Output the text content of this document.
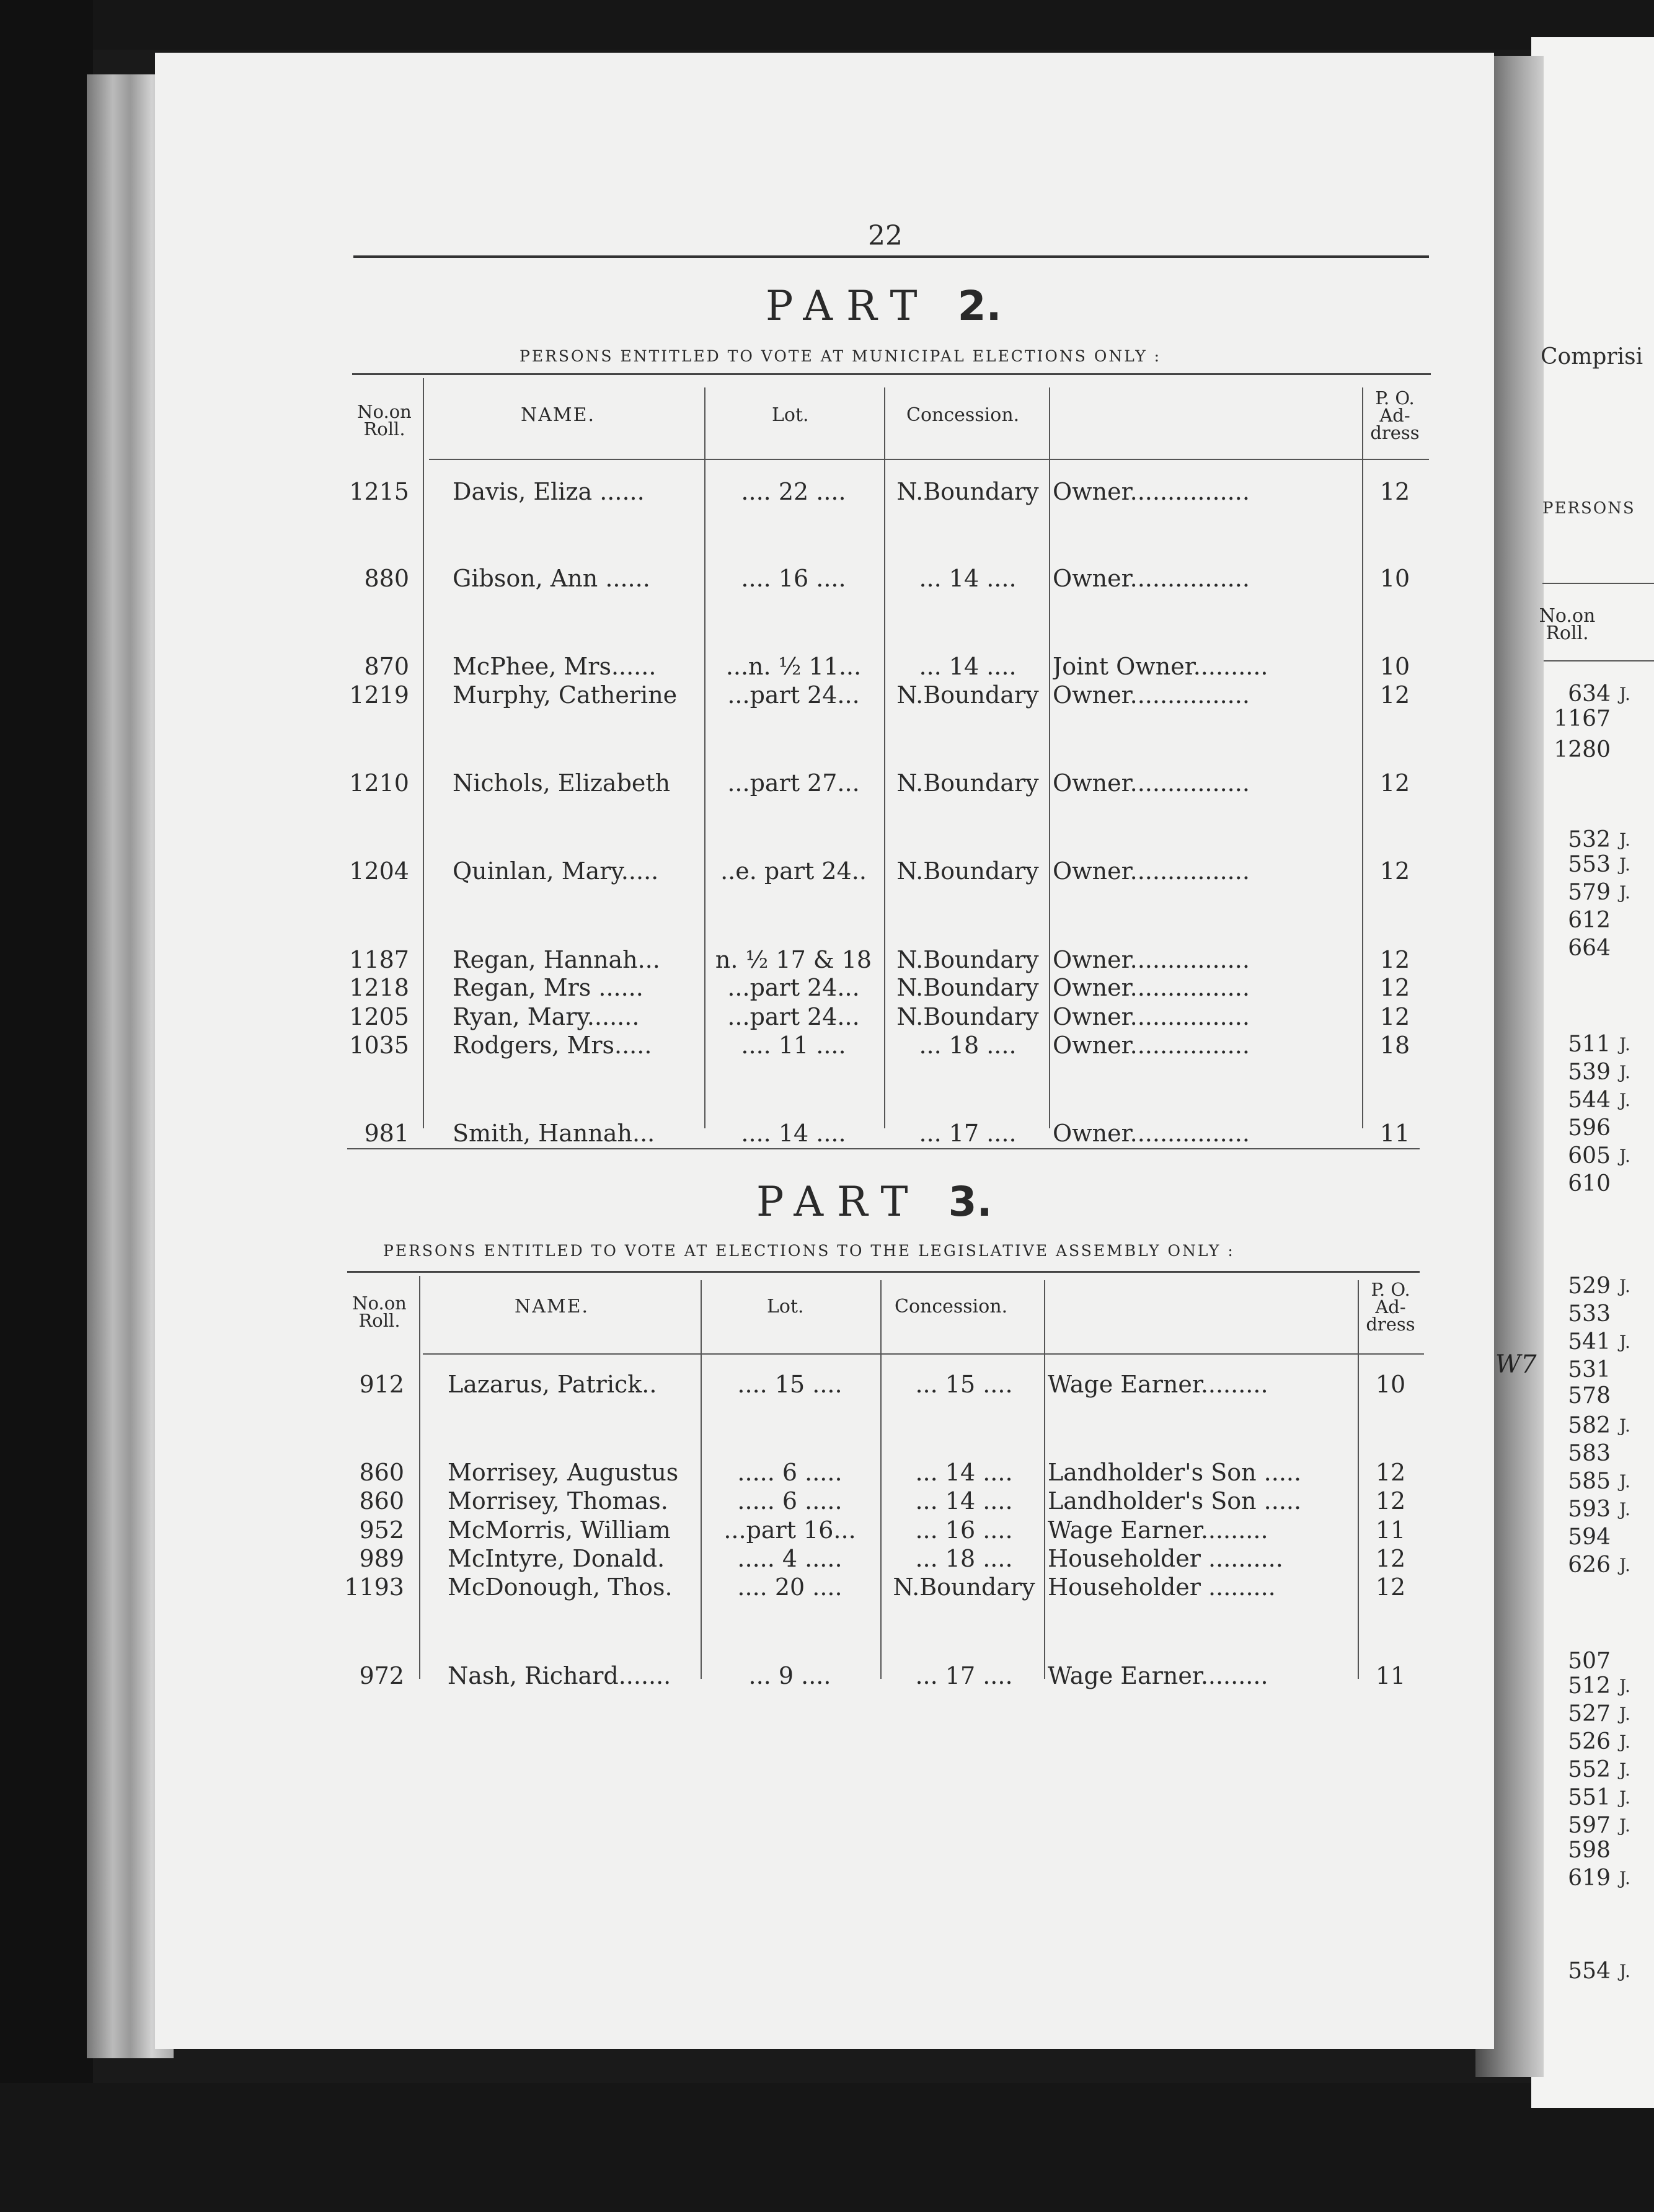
22
PART 2.
PERSONS ENTITLED TO VOTE AT MUNICIPAL ELECTIONS ONLY :
No.on
Roll.
NAME.	Lot.	Concession.
P. O.
Ad-
dress
1215 Davis, Eliza ......	.... 22 ....	N.Boundary Owner................	12
880 Gibson, Ann ......	.... 16 ....	... 14 ....	Owner................	10
870 McPhee, Mrs......	...n. ½ 11...	... 14 ....	Joint Owner..........	10
1219 Murphy, Catherine	...part 24...	N.Boundary Owner................	12
1210 Nichols, Elizabeth	...part 27...	N.Boundary Owner................	12
1204 Quinlan, Mary.....	..e. part 24..	N.Boundary Owner................	12
1187 Regan, Hannah...	n. ½ 17 & 18	N.Boundary Owner................	12
1218 Regan, Mrs ......	...part 24...	N.Boundary Owner................	12
1205 Ryan, Mary.......	...part 24...	N.Boundary Owner................	12
1035 Rodgers, Mrs.....	.... 11 ....	... 18 ....	Owner................	18
981 Smith, Hannah...	.... 14 ....	... 17 ....	Owner................	11
PART 3.
PERSONS ENTITLED TO VOTE AT ELECTIONS TO THE LEGISLATIVE ASSEMBLY ONLY :
No.on
Roll.
NAME.	Lot.	Concession.
P. O.
Ad-
dress
912 Lazarus, Patrick..	.... 15 ....	... 15 ....	Wage Earner.........	10
860 Morrisey, Augustus	..... 6 .....	... 14 ....	Landholder's Son .....	12
860 Morrisey, Thomas.	..... 6 .....	... 14 ....	Landholder's Son .....	12
952 McMorris, William	...part 16...	... 16 ....	Wage Earner.........	11
989 McIntyre, Donald.	..... 4 .....	... 18 ....	Householder ..........	12
1193 McDonough, Thos.	.... 20 ....	N.Boundary Householder .........	12
972 Nash, Richard.......	... 9 ....	... 17 ....	Wage Earner.........	11
Comprisi
PERSONS
No.on
Roll.
W7
634 J.
1167
1280
532 J.
553 J.
579 J.
612
664
511 J.
539 J.
544 J.
596
605 J.
610
529 J.
533
541 J.
531
578
582 J.
583
585 J.
593 J.
594
626 J.
507
512 J.
527 J.
526 J.
552 J.
551 J.
597 J.
598
619 J.
554 J.
